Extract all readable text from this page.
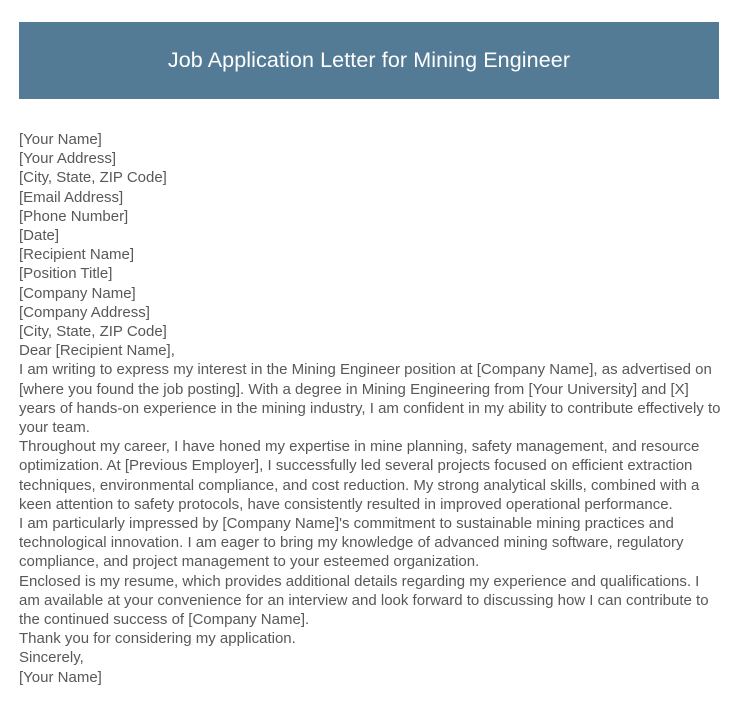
Job Application Letter for Mining Engineer
[Your Name]
[Your Address]
[City, State, ZIP Code]
[Email Address]
[Phone Number]
[Date]
[Recipient Name]
[Position Title]
[Company Name]
[Company Address]
[City, State, ZIP Code]
Dear [Recipient Name],

I am writing to express my interest in the Mining Engineer position at [Company Name], as advertised on [where you found the job posting]. With a degree in Mining Engineering from [Your University] and [X] years of hands-on experience in the mining industry, I am confident in my ability to contribute effectively to your team.

Throughout my career, I have honed my expertise in mine planning, safety management, and resource optimization. At [Previous Employer], I successfully led several projects focused on efficient extraction techniques, environmental compliance, and cost reduction. My strong analytical skills, combined with a keen attention to safety protocols, have consistently resulted in improved operational performance.

I am particularly impressed by [Company Name]'s commitment to sustainable mining practices and technological innovation. I am eager to bring my knowledge of advanced mining software, regulatory compliance, and project management to your esteemed organization.

Enclosed is my resume, which provides additional details regarding my experience and qualifications. I am available at your convenience for an interview and look forward to discussing how I can contribute to the continued success of [Company Name].

Thank you for considering my application.

Sincerely,
[Your Name]
